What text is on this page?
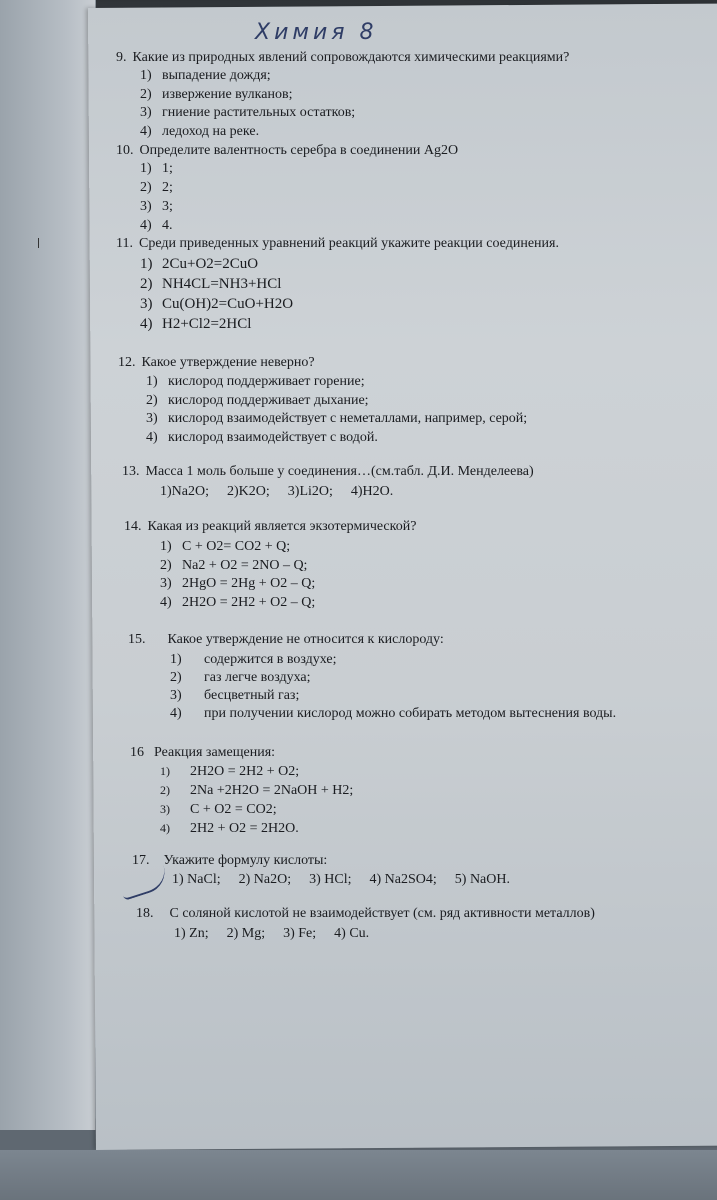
Химия 8
9. Какие из природных явлений сопровождаются химическими реакциями?
1) выпадение дождя;
2) извержение вулканов;
3) гниение растительных остатков;
4) ледоход на реке.
10. Определите валентность серебра в соединении Ag2O
1) 1;
2) 2;
3) 3;
4) 4.
11. Среди приведенных уравнений реакций укажите реакции соединения.
1) 2Cu+O2=2CuO
2) NH4CL=NH3+HCl
3) Cu(OH)2=CuO+H2O
4) H2+Cl2=2HCl
12. Какое утверждение неверно?
1) кислород поддерживает горение;
2) кислород поддерживает дыхание;
3) кислород взаимодействует с неметаллами, например, серой;
4) кислород взаимодействует с водой.
13. Масса 1 моль больше у соединения…(см.табл. Д.И. Менделеева)
1)Na2O; 2)K2O; 3)Li2O; 4)H2O.
14. Какая из реакций является экзотермической?
1) C + O2= CO2 + Q;
2) Na2 + O2 = 2NO – Q;
3) 2HgO = 2Hg + O2 – Q;
4) 2H2O = 2H2 + O2 – Q;
15. Какое утверждение не относится к кислороду:
1) содержится в воздухе;
2) газ легче воздуха;
3) бесцветный газ;
4) при получении кислород можно собирать методом вытеснения воды.
16 Реакция замещения:
1) 2H2O = 2H2 + O2;
2) 2Na +2H2O = 2NaOH + H2;
3) C + O2 = CO2;
4) 2H2 + O2 = 2H2O.
17. Укажите формулу кислоты:
1) NaCl; 2) Na2O; 3) HCl; 4) Na2SO4; 5) NaOH.
18. С соляной кислотой не взаимодействует (см. ряд активности металлов)
1) Zn; 2) Mg; 3) Fe; 4) Cu.
